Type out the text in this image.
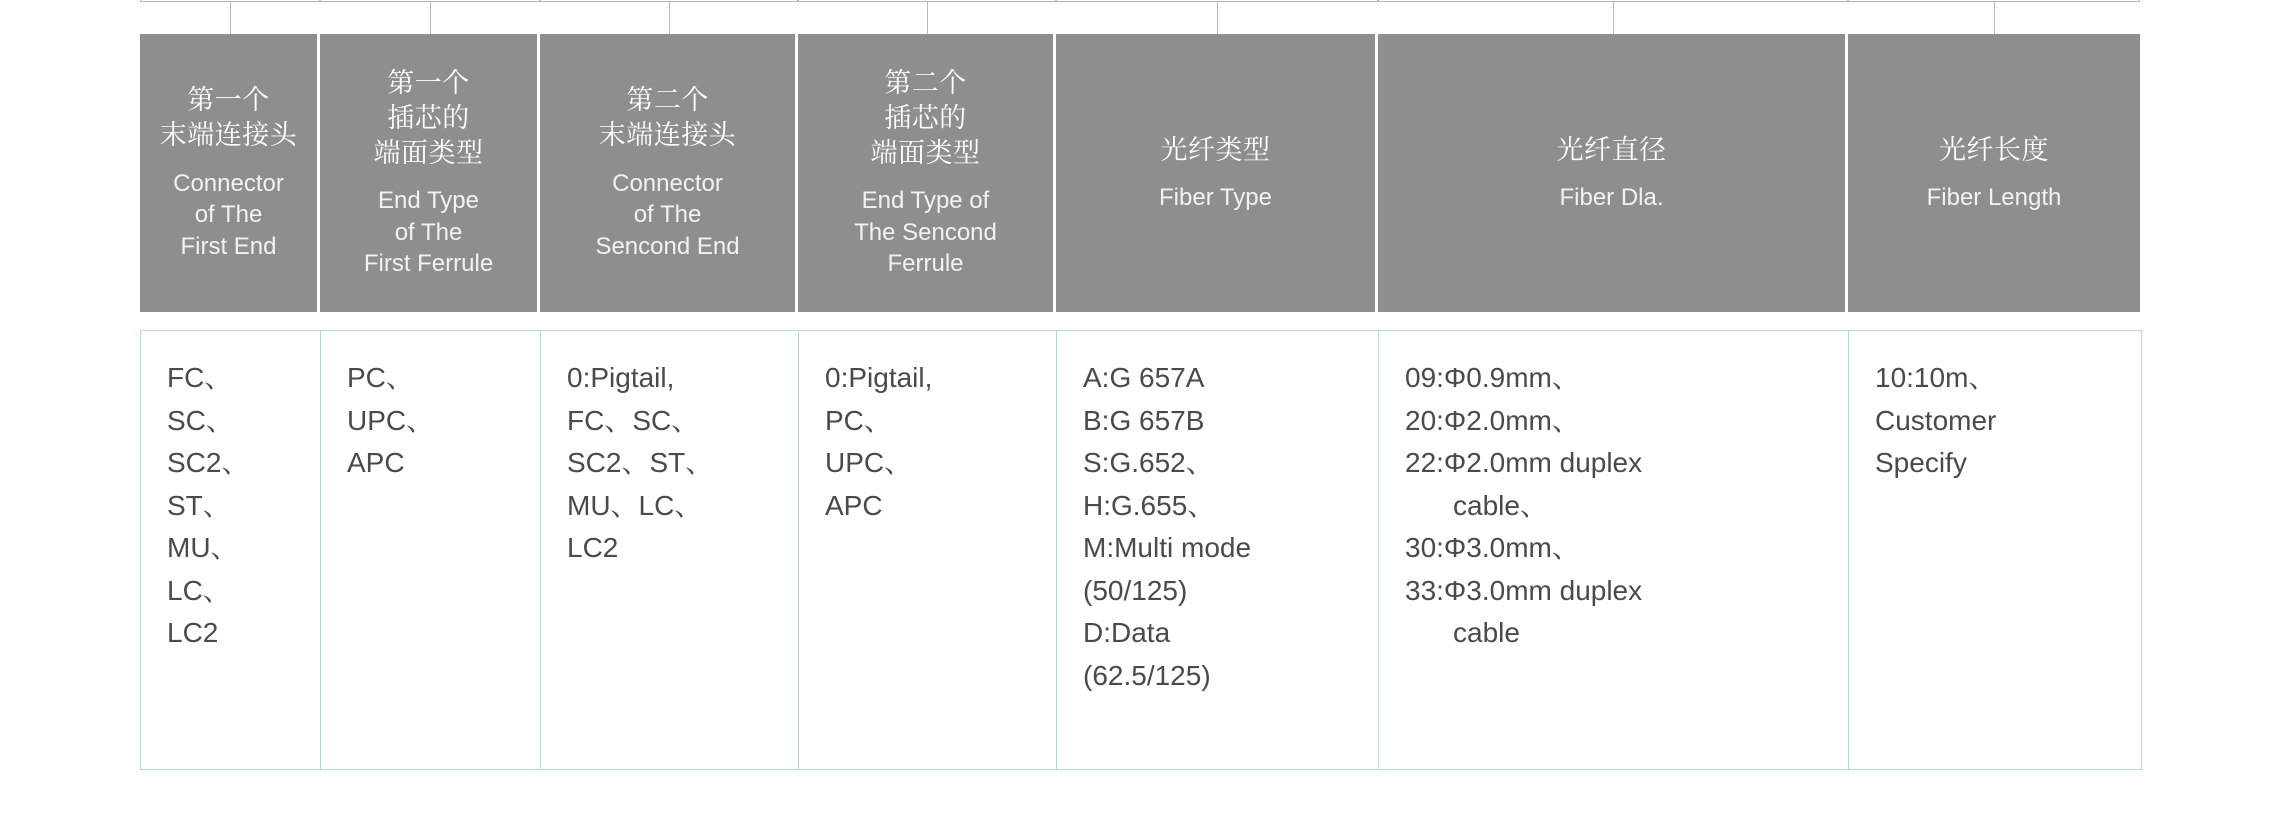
第一个
末端连接头
Connector
of The
First End
第一个
插芯的
端面类型
End Type
of The
First Ferrule
第二个
末端连接头
Connector
of The
Sencond End
第二个
插芯的
端面类型
End Type of
The Sencond
Ferrule
光纤类型
Fiber Type
光纤直径
Fiber Dla.
光纤长度
Fiber Length
FC、
SC、
SC2、
ST、
MU、
LC、
LC2
PC、
UPC、
APC
0:Pigtail,
FC、SC、
SC2、ST、
MU、LC、
LC2
0:Pigtail,
PC、
UPC、
APC
A:G 657A
B:G 657B
S:G.652、
H:G.655、
M:Multi mode
(50/125)
D:Data
(62.5/125)
09:Φ0.9mm、
20:Φ2.0mm、
22:Φ2.0mm duplex
cable、
30:Φ3.0mm、
33:Φ3.0mm duplex
cable
10:10m、
Customer
Specify
